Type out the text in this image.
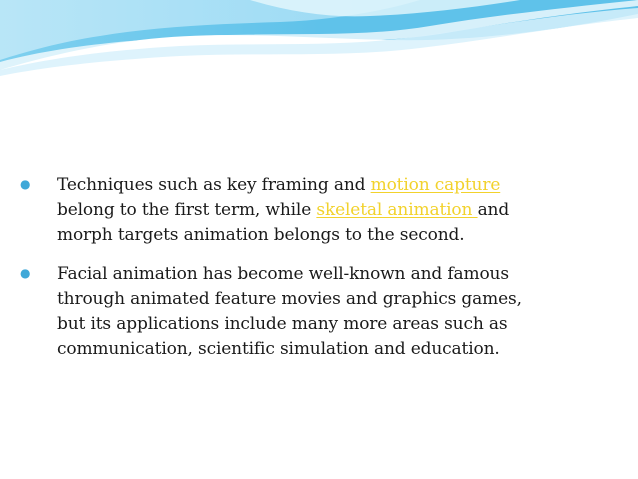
● Techniques such as key framing and motion capture
belong to the first term, while skeletal animation and
morph targets animation belongs to the second.
● Facial animation has become well-known and famous
through animated feature movies and graphics games,
but its applications include many more areas such as
communication, scientific simulation and education.
